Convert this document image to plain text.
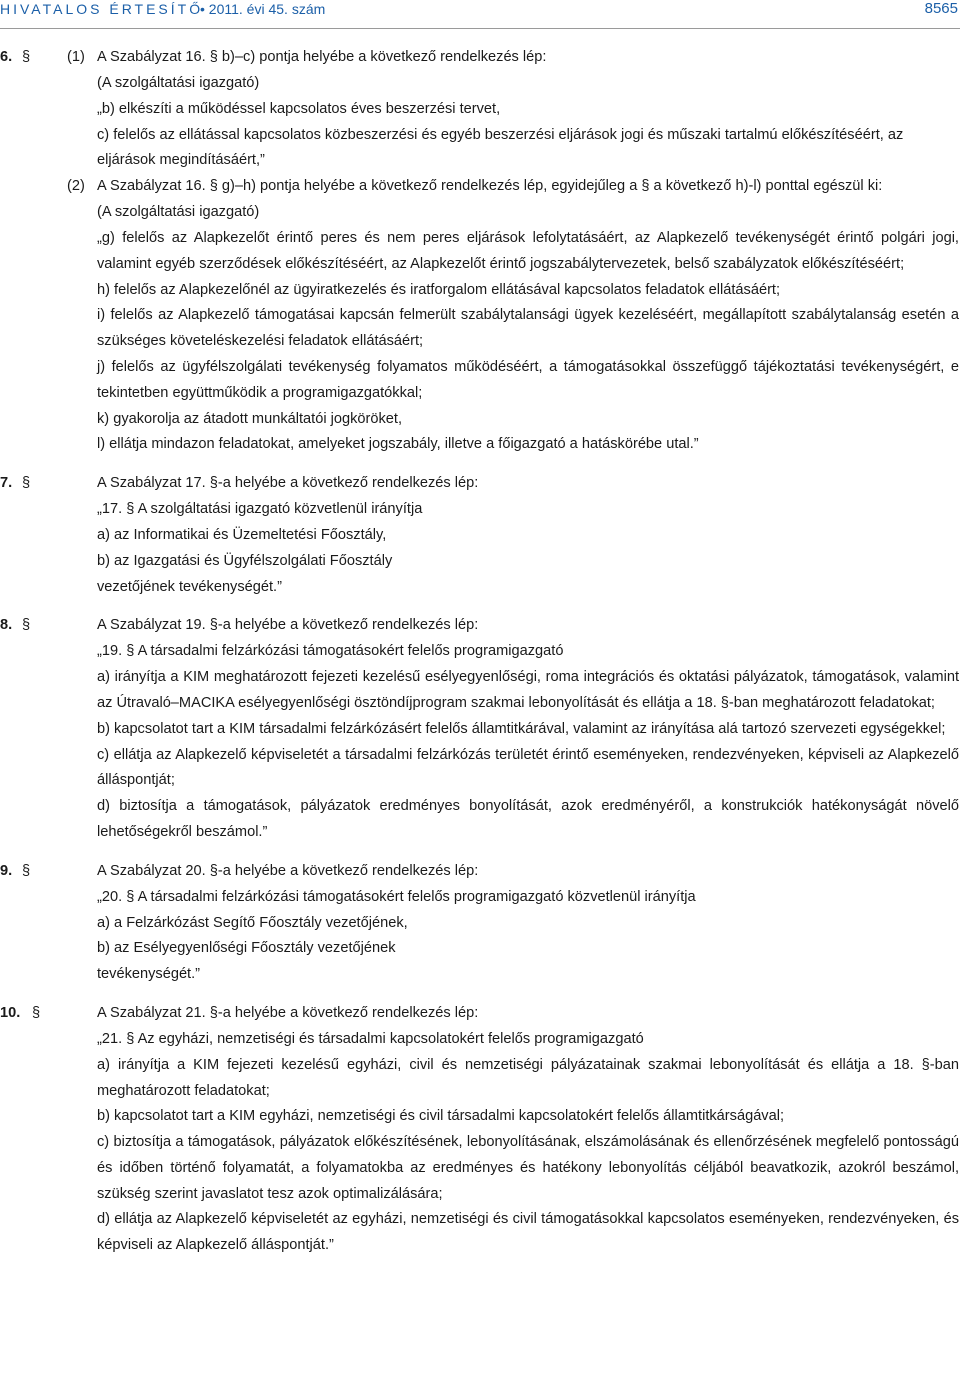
HIVATALOS ÉRTESÍTŐ
• 2011. évi 45. szám	8565
6. §	(1) A Szabályzat 16. § b)–c) pontja helyébe a következő rendelkezés lép:
(A szolgáltatási igazgató)
„b) elkészíti a működéssel kapcsolatos éves beszerzési tervet,
c) felelős az ellátással kapcsolatos közbeszerzési és egyéb beszerzési eljárások jogi és műszaki tartalmú előkészítéséért, az eljárások megindításáért,”
(2) A Szabályzat 16. § g)–h) pontja helyébe a következő rendelkezés lép, egyidejűleg a § a következő h)-l) ponttal egészül ki:
(A szolgáltatási igazgató)
„g) felelős az Alapkezelőt érintő peres és nem peres eljárások lefolytatásáért, az Alapkezelő tevékenységét érintő polgári jogi, valamint egyéb szerződések előkészítéséért, az Alapkezelőt érintő jogszabálytervezetek, belső szabályzatok előkészítéséért;
h) felelős az Alapkezelőnél az ügyiratkezelés és iratforgalom ellátásával kapcsolatos feladatok ellátásáért;
i) felelős az Alapkezelő támogatásai kapcsán felmerült szabálytalansági ügyek kezeléséért, megállapított szabálytalanság esetén a szükséges követeléskezelési feladatok ellátásáért;
j) felelős az ügyfélszolgálati tevékenység folyamatos működéséért, a támogatásokkal összefüggő tájékoztatási tevékenységért, e tekintetben együttműködik a programigazgatókkal;
k) gyakorolja az átadott munkáltatói jogköröket,
l) ellátja mindazon feladatokat, amelyeket jogszabály, illetve a főigazgató a hatáskörébe utal.”
7. §	A Szabályzat 17. §-a helyébe a következő rendelkezés lép:
„17. § A szolgáltatási igazgató közvetlenül irányítja
a) az Informatikai és Üzemeltetési Főosztály,
b) az Igazgatási és Ügyfélszolgálati Főosztály
vezetőjének tevékenységét.”
8. §	A Szabályzat 19. §-a helyébe a következő rendelkezés lép:
„19. § A társadalmi felzárkózási támogatásokért felelős programigazgató
a) irányítja a KIM meghatározott fejezeti kezelésű esélyegyenlőségi, roma integrációs és oktatási pályázatok, támogatások, valamint az Útravaló–MACIKA esélyegyenlőségi ösztöndíjprogram szakmai lebonyolítását és ellátja a 18. §-ban meghatározott feladatokat;
b) kapcsolatot tart a KIM társadalmi felzárkózásért felelős államtitkárával, valamint az irányítása alá tartozó szervezeti egységekkel;
c) ellátja az Alapkezelő képviseletét a társadalmi felzárkózás területét érintő eseményeken, rendezvényeken, képviseli az Alapkezelő álláspontját;
d) biztosítja a támogatások, pályázatok eredményes bonyolítását, azok eredményéről, a konstrukciók hatékonyságát növelő lehetőségekről beszámol.”
9. §	A Szabályzat 20. §-a helyébe a következő rendelkezés lép:
„20. § A társadalmi felzárkózási támogatásokért felelős programigazgató közvetlenül irányítja
a) a Felzárkózást Segítő Főosztály vezetőjének,
b) az Esélyegyenlőségi Főosztály vezetőjének
tevékenységét.”
10. §	A Szabályzat 21. §-a helyébe a következő rendelkezés lép:
„21. § Az egyházi, nemzetiségi és társadalmi kapcsolatokért felelős programigazgató
a) irányítja a KIM fejezeti kezelésű egyházi, civil és nemzetiségi pályázatainak szakmai lebonyolítását és ellátja a 18. §-ban meghatározott feladatokat;
b) kapcsolatot tart a KIM egyházi, nemzetiségi és civil társadalmi kapcsolatokért felelős államtitkárságával;
c) biztosítja a támogatások, pályázatok előkészítésének, lebonyolításának, elszámolásának és ellenőrzésének megfelelő pontosságú és időben történő folyamatát, a folyamatokba az eredményes és hatékony lebonyolítás céljából beavatkozik, azokról beszámol, szükség szerint javaslatot tesz azok optimalizálására;
d) ellátja az Alapkezelő képviseletét az egyházi, nemzetiségi és civil támogatásokkal kapcsolatos eseményeken, rendezvényeken, és képviseli az Alapkezelő álláspontját.”
